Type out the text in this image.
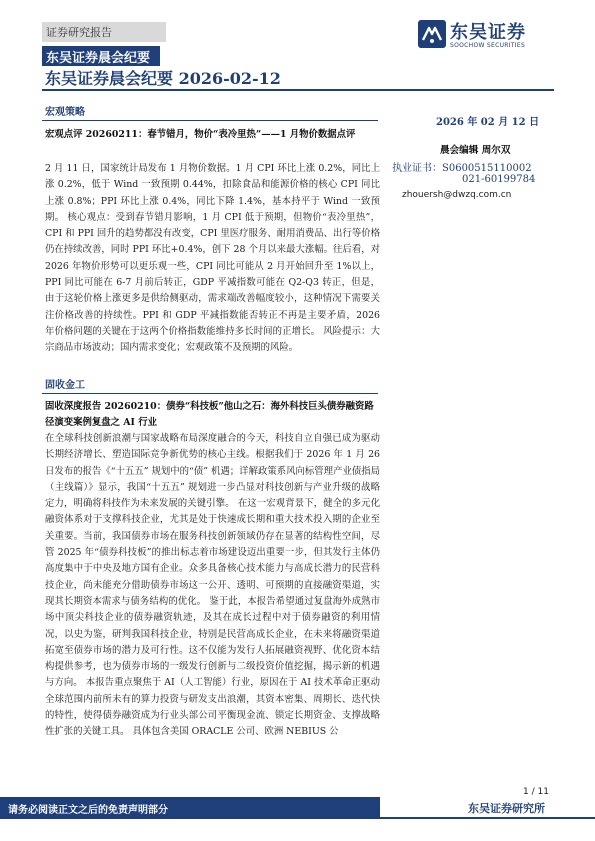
证券研究报告	东吴证券
SOOCHOW SECURITIES
东吴证券晨会纪要
东吴证券晨会纪要 2026-02-12
宏观策略
宏观点评 20260211：春节错月，物价“表冷里热”——1 月物价数据点评
2 月 11 日，国家统计局发布 1 月物价数据。1 月 CPI 环比上涨 0.2%，同比上涨 0.2%，低于 Wind 一致预期 0.44%，扣除食品和能源价格的核心 CPI 同比上涨 0.8%；PPI 环比上涨 0.4%，同比下降 1.4%，基本持平于 Wind 一致预期。 核心观点：受到春节错月影响，1 月 CPI 低于预期，但物价“表冷里热”，CPI 和 PPI 回升的趋势都没有改变，CPI 里医疗服务、耐用消费品、出行等价格仍在持续改善，同时 PPI 环比+0.4%，创下 28 个月以来最大涨幅。往后看，对 2026 年物价形势可以更乐观一些，CPI 同比可能从 2 月开始回升至 1%以上，PPI 同比可能在 6-7 月前后转正，GDP 平减指数可能在 Q2-Q3 转正，但是，由于这轮价格上涨更多是供给侧驱动，需求端改善幅度较小，这种情况下需要关注价格改善的持续性。PPI 和 GDP 平减指数能否转正不再是主要矛盾，2026 年价格问题的关键在于这两个价格指数能维持多长时间的正增长。 风险提示：大宗商品市场波动；国内需求变化；宏观政策不及预期的风险。
固收金工
固收深度报告 20260210：债券“科技板”他山之石：海外科技巨头债券融资路径演变案例复盘之 AI 行业
在全球科技创新浪潮与国家战略布局深度融合的今天，科技自立自强已成为驱动长期经济增长、塑造国际竞争新优势的核心主线。根据我们于 2026 年 1 月 26 日发布的报告《“十五五” 规划中的“债” 机遇；详解政策系风向标管理产业债指局（主线篇）》显示，我国“十五五” 规划进一步凸显对科技创新与产业升级的战略定力，明确将科技作为未来发展的关键引擎。 在这一宏观背景下，健全的多元化融资体系对于支撑科技企业，尤其是处于快速成长期和重大技术投入期的企业至关重要。当前，我国债券市场在服务科技创新领域仍存在显著的结构性空间，尽管 2025 年“债券科技板”的推出标志着市场建设迈出重要一步，但其发行主体仍高度集中于中央及地方国有企业。众多具备核心技术能力与高成长潜力的民营科技企业，尚未能充分借助债券市场这一公开、透明、可预期的直接融资渠道，实现其长期资本需求与债务结构的优化。 鉴于此，本报告希望通过复盘海外成熟市场中顶尖科技企业的债券融资轨迹，及其在成长过程中对于债券融资的利用情况，以史为鉴，研判我国科技企业，特别是民营高成长企业，在未来将融资渠道拓宽至债券市场的潜力及可行性。这不仅能为发行人拓展融资视野、优化资本结构提供参考，也为债券市场的一级发行创新与二级投资价值挖掘，揭示新的机遇与方向。 本报告重点聚焦于 AI（人工智能）行业，原因在于 AI 技术革命正驱动全球范围内前所未有的算力投资与研发支出浪潮，其资本密集、周期长、迭代快的特性，使得债券融资成为行业头部公司平衡现金流、锁定长期资金、支撑战略性扩张的关键工具。 具体包含美国 ORACLE 公司、欧洲 NEBIUS 公
2026 年 02 月 12 日
晨会编辑 周尔双
执业证书：S0600515110002
021-60199784
zhouersh@dwzq.com.cn
1 / 11
请务必阅读正文之后的免责声明部分	东吴证券研究所
